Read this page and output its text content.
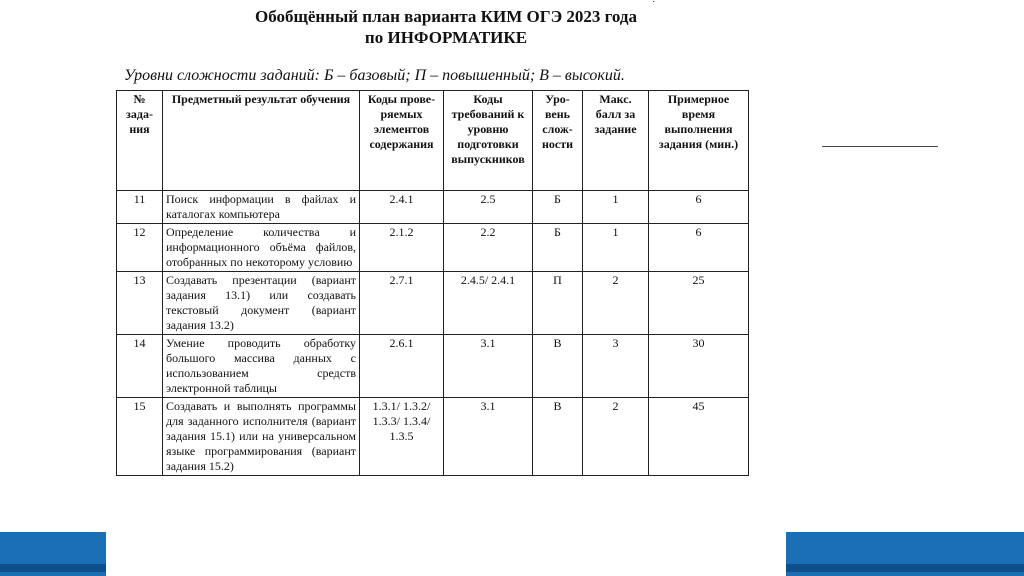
˙
Обобщённый план варианта КИМ ОГЭ 2023 года
по ИНФОРМАТИКЕ
Уровни сложности заданий: Б – базовый; П – повышенный; В – высокий.
№ зада-ния	Предметный результат обучения	Коды проверяемых элементов содержания	Коды требований к уровню подготовки выпускников	Уровень сложности	Макс. балл за задание	Примерное время выполнения задания (мин.)
11	Поиск информации в файлах и каталогах компьютера	2.4.1	2.5	Б	1	6
12	Определение количества и информационного объёма файлов, отобранных по некоторому условию	2.1.2	2.2	Б	1	6
13	Создавать презентации (вариант задания 13.1) или создавать текстовый документ (вариант задания 13.2)	2.7.1	2.4.5/ 2.4.1	П	2	25
14	Умение проводить обработку большого массива данных с использованием средств электронной таблицы	2.6.1	3.1	В	3	30
15	Создавать и выполнять программы для заданного исполнителя (вариант задания 15.1) или на универсальном языке программирования (вариант задания 15.2)	1.3.1/ 1.3.2/ 1.3.3/ 1.3.4/ 1.3.5	3.1	В	2	45
